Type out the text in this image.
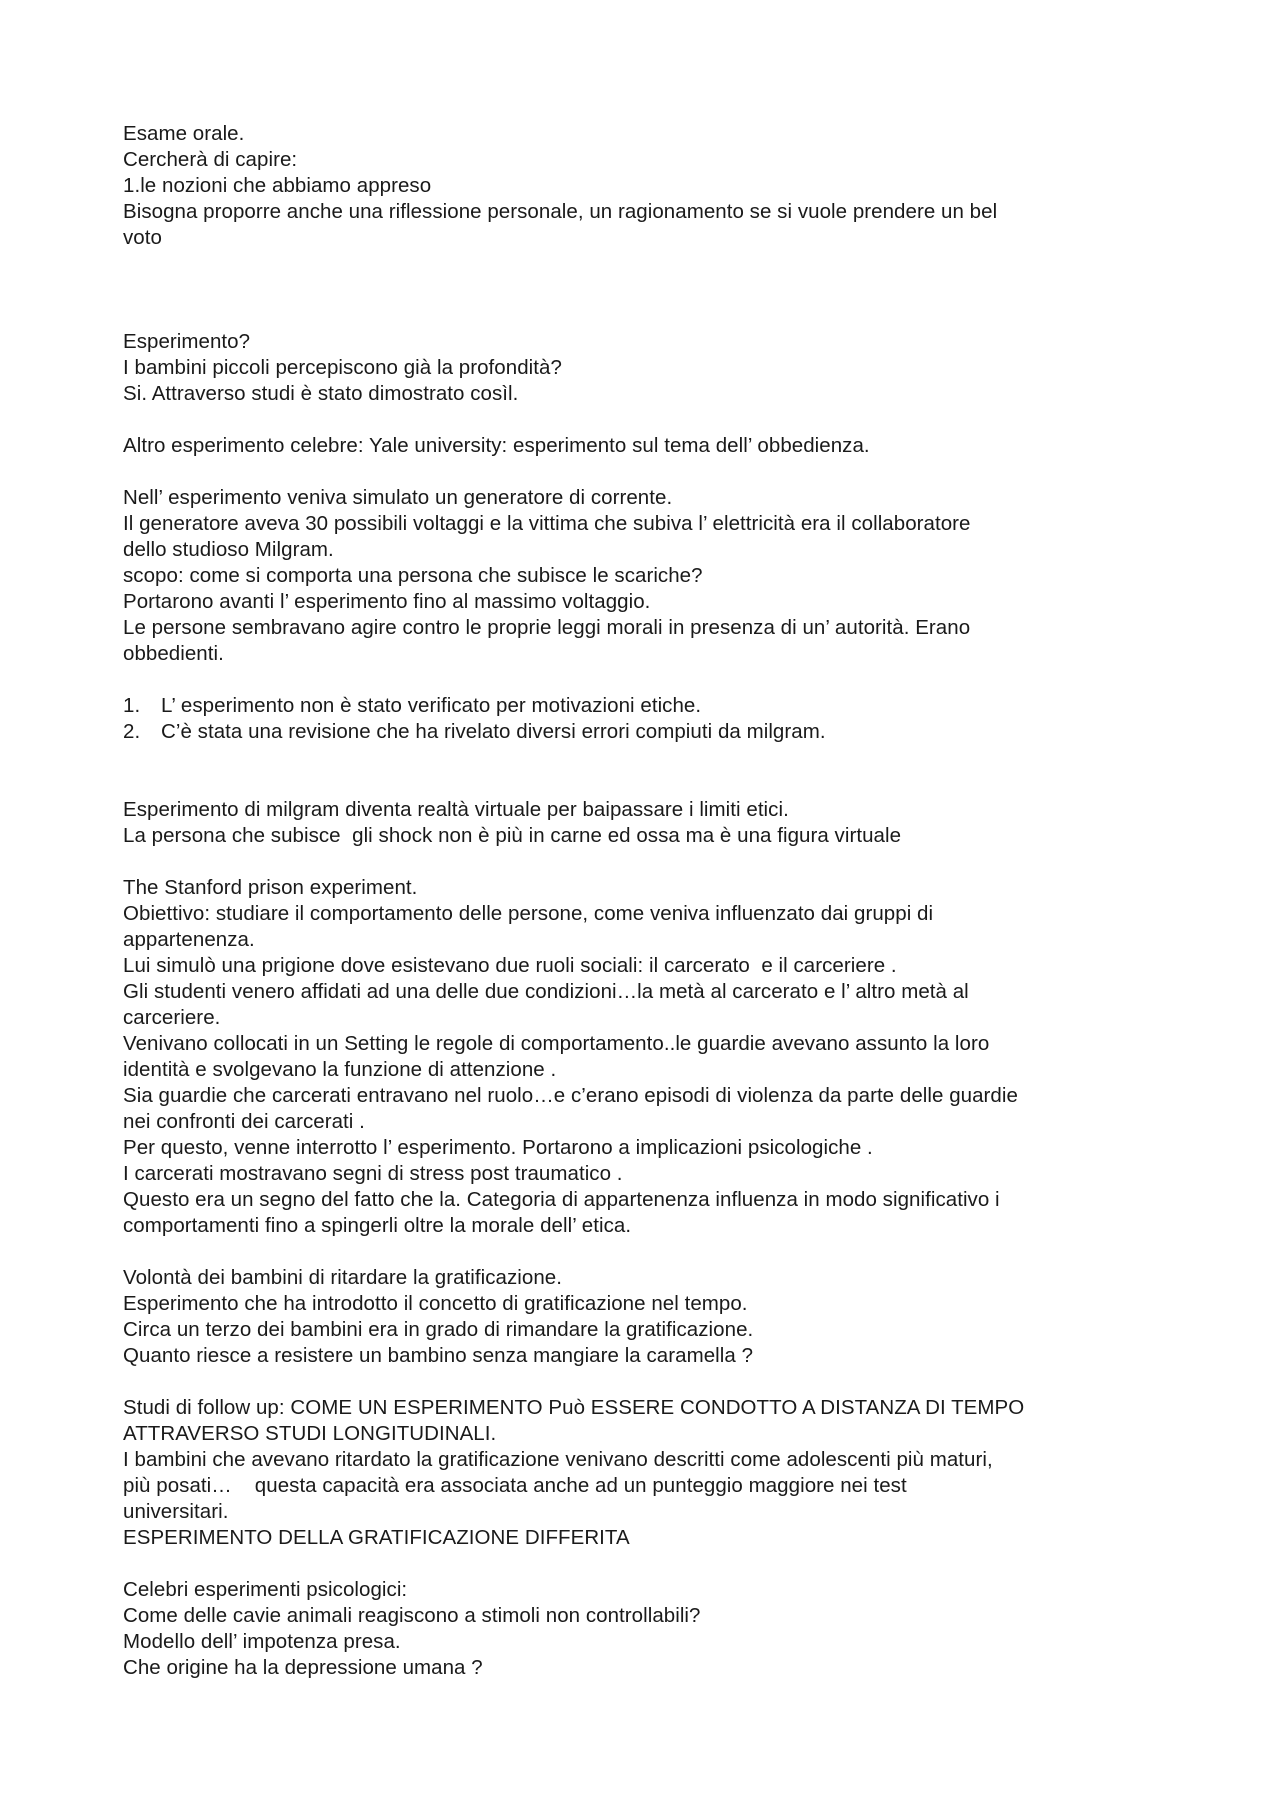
Esame orale.
Cercherà di capire:
1.le nozioni che abbiamo appreso
Bisogna proporre anche una riflessione personale, un ragionamento se si vuole prendere un bel
voto
Esperimento?
I bambini piccoli percepiscono già la profondità?
Si. Attraverso studi è stato dimostrato cosìl.
Altro esperimento celebre: Yale university: esperimento sul tema dell’ obbedienza.
Nell’ esperimento veniva simulato un generatore di corrente.
Il generatore aveva 30 possibili voltaggi e la vittima che subiva l’ elettricità era il collaboratore
dello studioso Milgram.
scopo: come si comporta una persona che subisce le scariche?
Portarono avanti l’ esperimento fino al massimo voltaggio.
Le persone sembravano agire contro le proprie leggi morali in presenza di un’ autorità. Erano
obbedienti.
1.	L’ esperimento non è stato verificato per motivazioni etiche.
2.	C’è stata una revisione che ha rivelato diversi errori compiuti da milgram.
Esperimento di milgram diventa realtà virtuale per baipassare i limiti etici.
La persona che subisce  gli shock non è più in carne ed ossa ma è una figura virtuale
The Stanford prison experiment.
Obiettivo: studiare il comportamento delle persone, come veniva influenzato dai gruppi di
appartenenza.
Lui simulò una prigione dove esistevano due ruoli sociali: il carcerato  e il carceriere .
Gli studenti venero affidati ad una delle due condizioni…la metà al carcerato e l’ altro metà al
carceriere.
Venivano collocati in un Setting le regole di comportamento..le guardie avevano assunto la loro
identità e svolgevano la funzione di attenzione .
Sia guardie che carcerati entravano nel ruolo…e c’erano episodi di violenza da parte delle guardie
nei confronti dei carcerati .
Per questo, venne interrotto l’ esperimento. Portarono a implicazioni psicologiche .
I carcerati mostravano segni di stress post traumatico .
Questo era un segno del fatto che la. Categoria di appartenenza influenza in modo significativo i
comportamenti fino a spingerli oltre la morale dell’ etica.
Volontà dei bambini di ritardare la gratificazione.
Esperimento che ha introdotto il concetto di gratificazione nel tempo.
Circa un terzo dei bambini era in grado di rimandare la gratificazione.
Quanto riesce a resistere un bambino senza mangiare la caramella ?
Studi di follow up: COME UN ESPERIMENTO Può ESSERE CONDOTTO A DISTANZA DI TEMPO
ATTRAVERSO STUDI LONGITUDINALI.
I bambini che avevano ritardato la gratificazione venivano descritti come adolescenti più maturi,
più posati…    questa capacità era associata anche ad un punteggio maggiore nei test
universitari.
ESPERIMENTO DELLA GRATIFICAZIONE DIFFERITA
Celebri esperimenti psicologici:
Come delle cavie animali reagiscono a stimoli non controllabili?
Modello dell’ impotenza presa.
Che origine ha la depressione umana ?
